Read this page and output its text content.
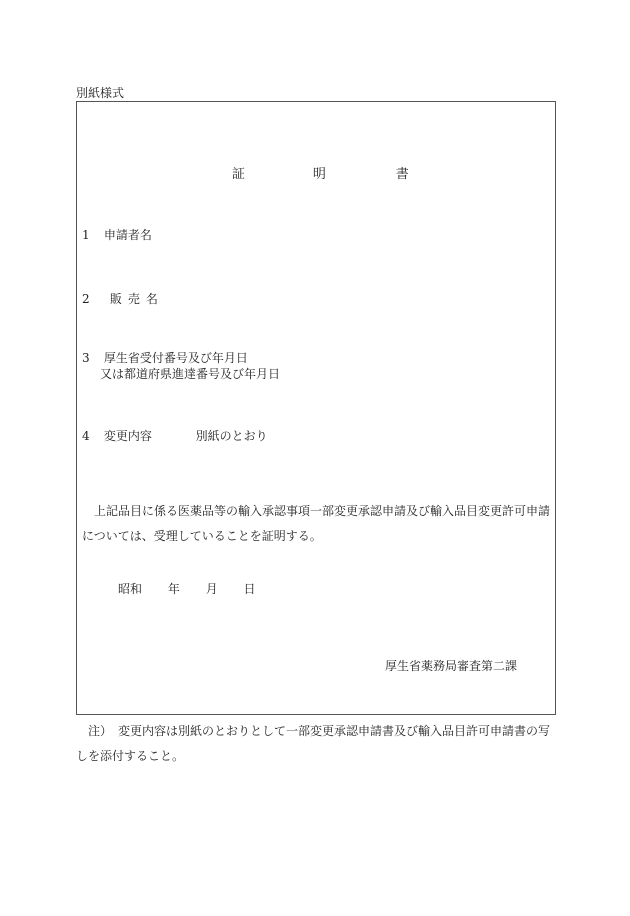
別紙様式
証	明	書
1 申請者名
2 販 売 名
3 厚生省受付番号及び年月日
又は都道府県進達番号及び年月日
4 変更内容	別紙のとおり
上記品目に係る医薬品等の輸入承認事項一部変更承認申請及び輸入品目変更許可申請
については、受理していることを証明する。
昭和 年 月 日
厚生省薬務局審査第二課
注）　変更内容は別紙のとおりとして一部変更承認申請書及び輸入品目許可申請書の写
しを添付すること。
